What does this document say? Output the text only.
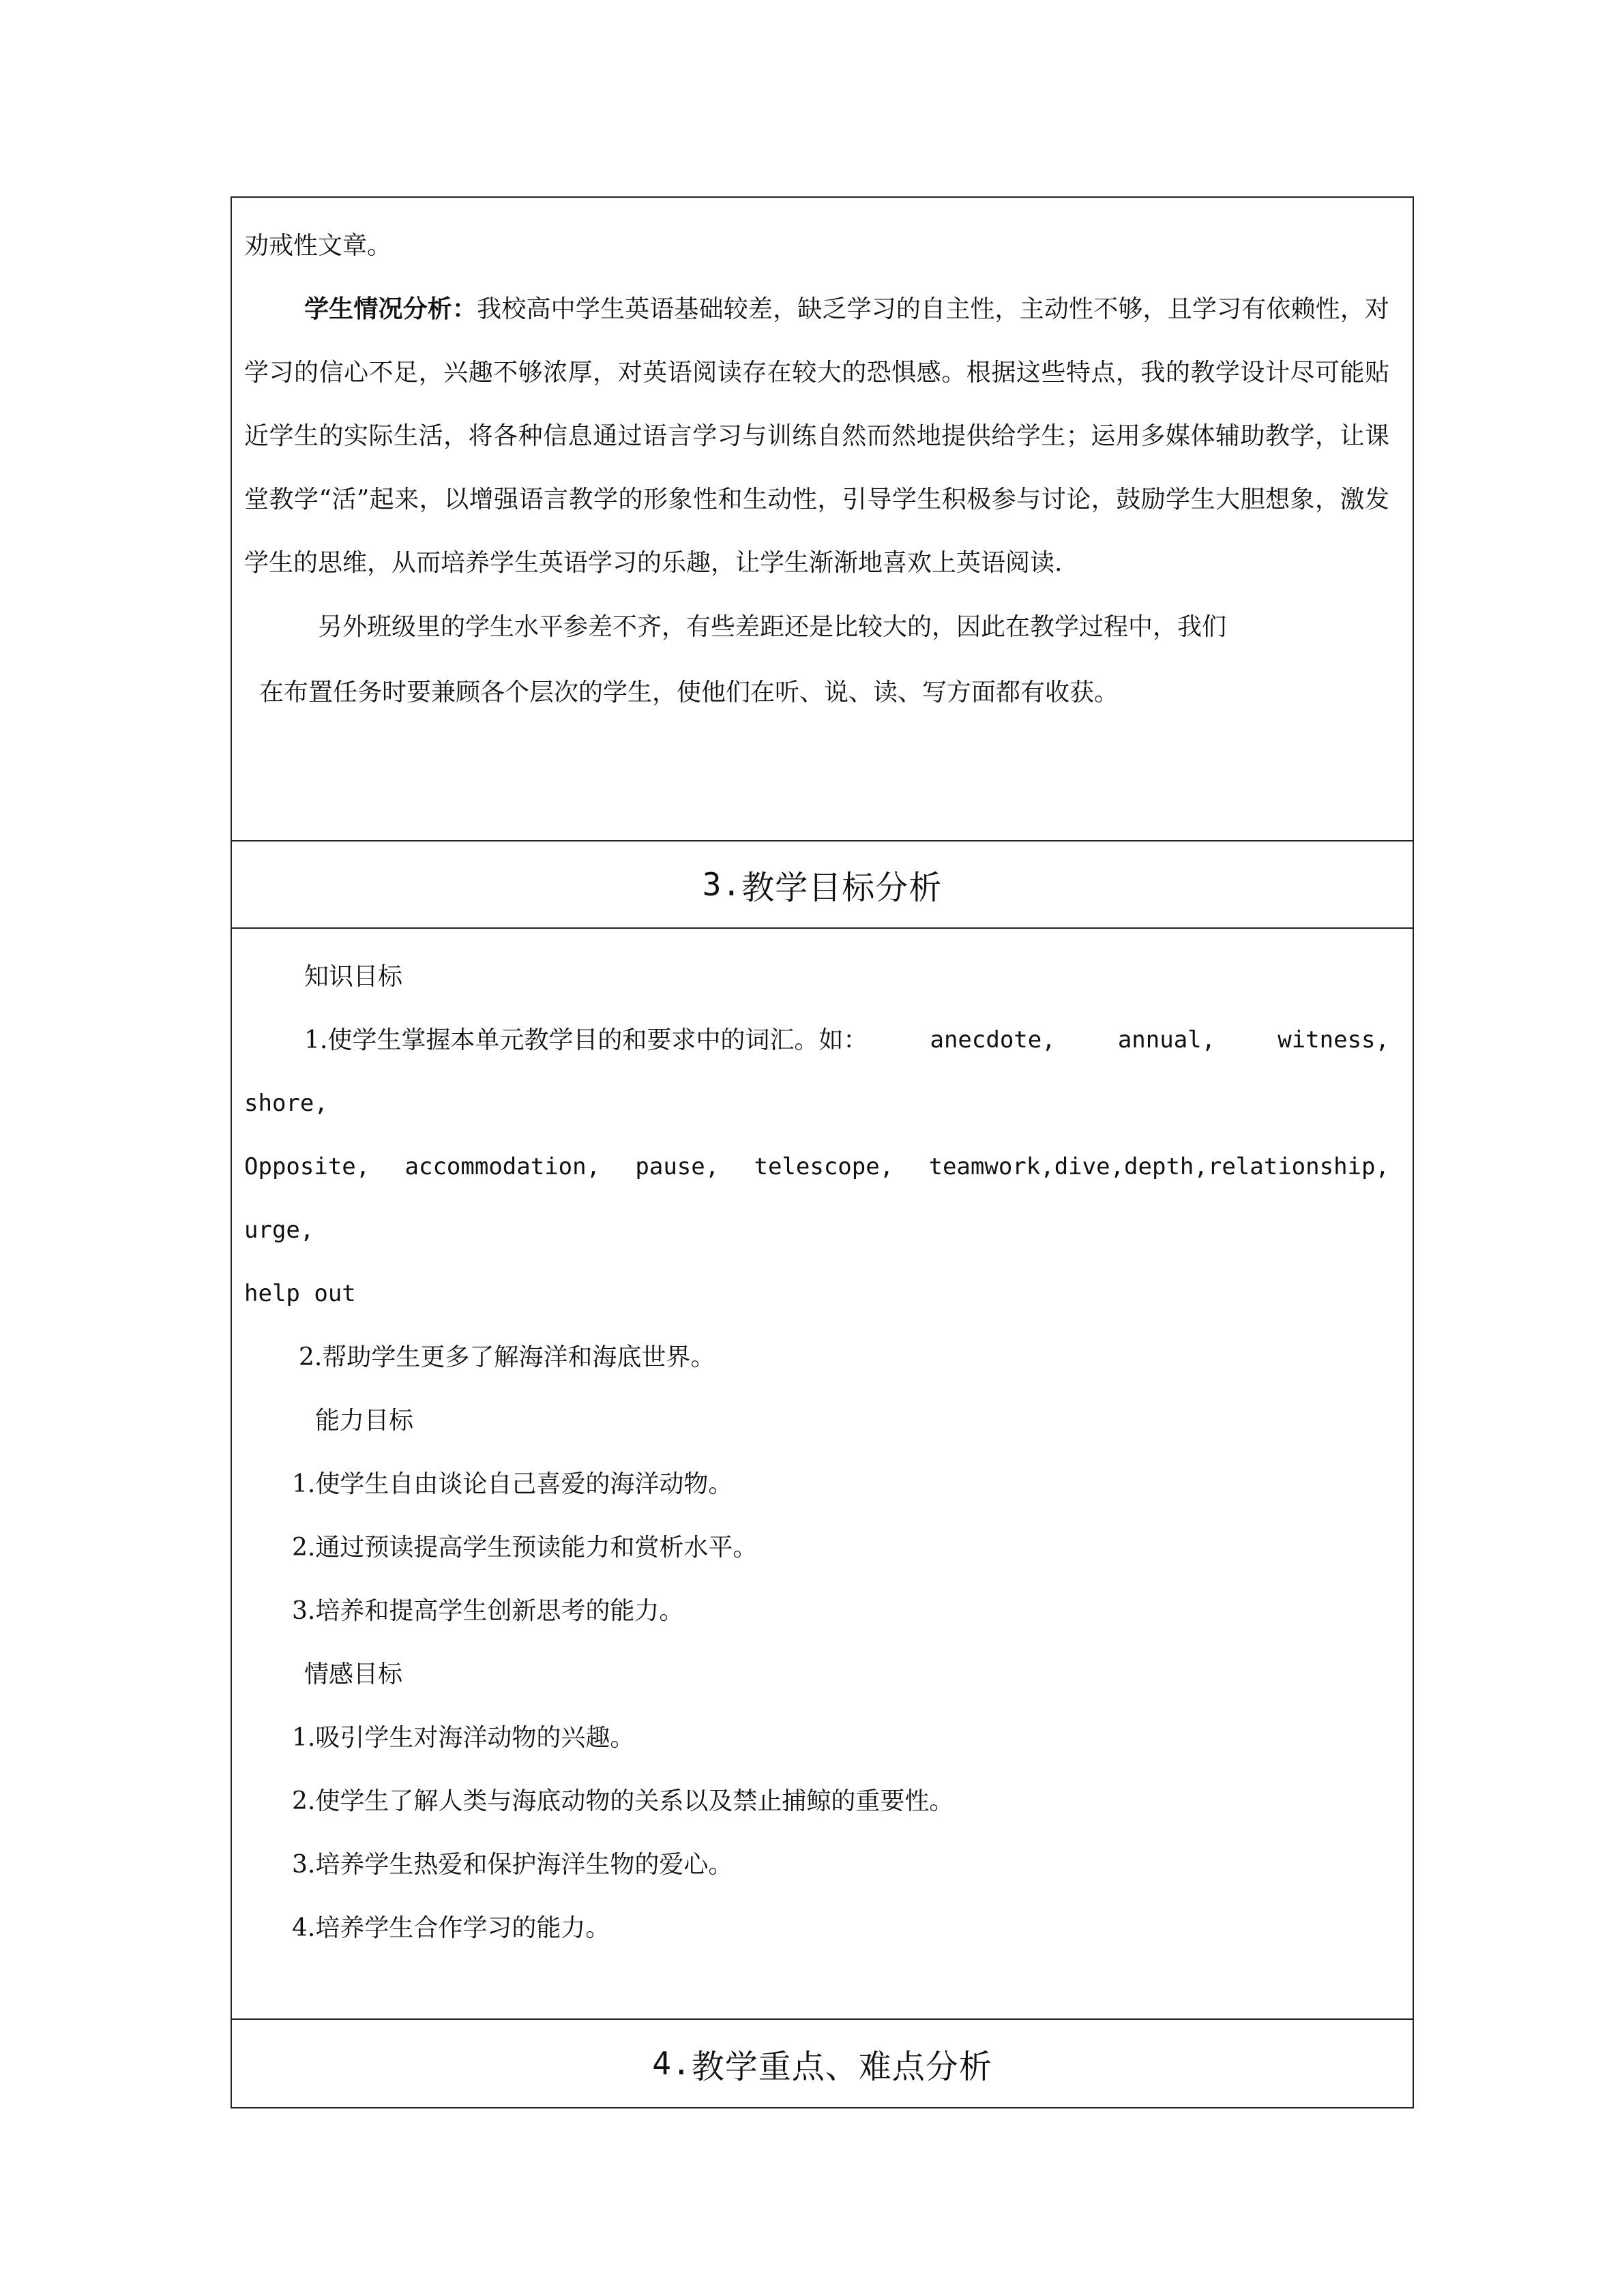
劝戒性文章。

学生情况分析：我校高中学生英语基础较差，缺乏学习的自主性，主动性不够，且学习有依赖性，对学习的信心不足，兴趣不够浓厚，对英语阅读存在较大的恐惧感。根据这些特点，我的教学设计尽可能贴近学生的实际生活，将各种信息通过语言学习与训练自然而然地提供给学生；运用多媒体辅助教学，让课堂教学“活”起来，以增强语言教学的形象性和生动性，引导学生积极参与讨论，鼓励学生大胆想象，激发学生的思维，从而培养学生英语学习的乐趣，让学生渐渐地喜欢上英语阅读.

另外班级里的学生水平参差不齐，有些差距还是比较大的，因此在教学过程中，我们

在布置任务时要兼顾各个层次的学生，使他们在听、说、读、写方面都有收获。

3. 教学目标分析

知识目标

1.使学生掌握本单元教学目的和要求中的词汇。如：	anecdote,	annual,	witness,

shore,

Opposite, accommodation, pause, telescope, teamwork,dive,depth,relationship,

urge,

help out

2.帮助学生更多了解海洋和海底世界。

能力目标

1.使学生自由谈论自己喜爱的海洋动物。

2.通过预读提高学生预读能力和赏析水平。

3.培养和提高学生创新思考的能力。

情感目标

1.吸引学生对海洋动物的兴趣。

2.使学生了解人类与海底动物的关系以及禁止捕鲸的重要性。

3.培养学生热爱和保护海洋生物的爱心。

4.培养学生合作学习的能力。

4. 教学重点、难点分析
